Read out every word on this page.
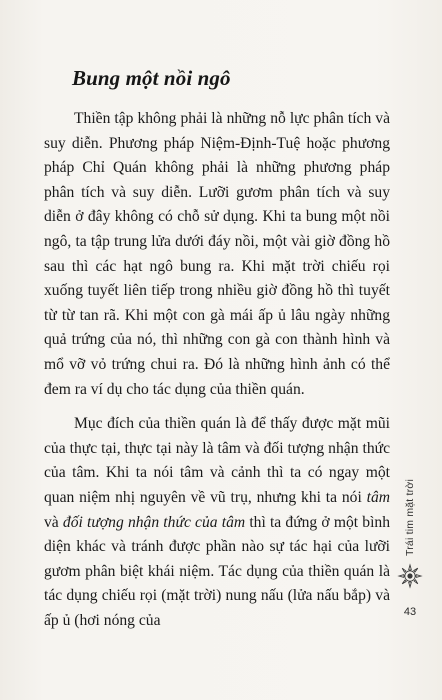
Bung một nồi ngô

Thiền tập không phải là những nỗ lực phân tích và suy diễn. Phương pháp Niệm-Định-Tuệ hoặc phương pháp Chỉ Quán không phải là những phương pháp phân tích và suy diễn. Lưỡi gươm phân tích và suy diễn ở đây không có chỗ sử dụng. Khi ta bung một nồi ngô, ta tập trung lửa dưới đáy nồi, một vài giờ đồng hồ sau thì các hạt ngô bung ra. Khi mặt trời chiếu rọi xuống tuyết liên tiếp trong nhiều giờ đồng hồ thì tuyết từ từ tan rã. Khi một con gà mái ấp ủ lâu ngày những quả trứng của nó, thì những con gà con thành hình và mổ vỡ vỏ trứng chui ra. Đó là những hình ảnh có thể đem ra ví dụ cho tác dụng của thiền quán.

Mục đích của thiền quán là để thấy được mặt mũi của thực tại, thực tại này là tâm và đối tượng nhận thức của tâm. Khi ta nói tâm và cảnh thì ta có ngay một quan niệm nhị nguyên về vũ trụ, nhưng khi ta nói tâm và đối tượng nhận thức của tâm thì ta đứng ở một bình diện khác và tránh được phần nào sự tác hại của lưỡi gươm phân biệt khái niệm. Tác dụng của thiền quán là tác dụng chiếu rọi (mặt trời) nung nấu (lửa nấu bắp) và ấp ủ (hơi nóng của

Trái tim mặt trời
43
